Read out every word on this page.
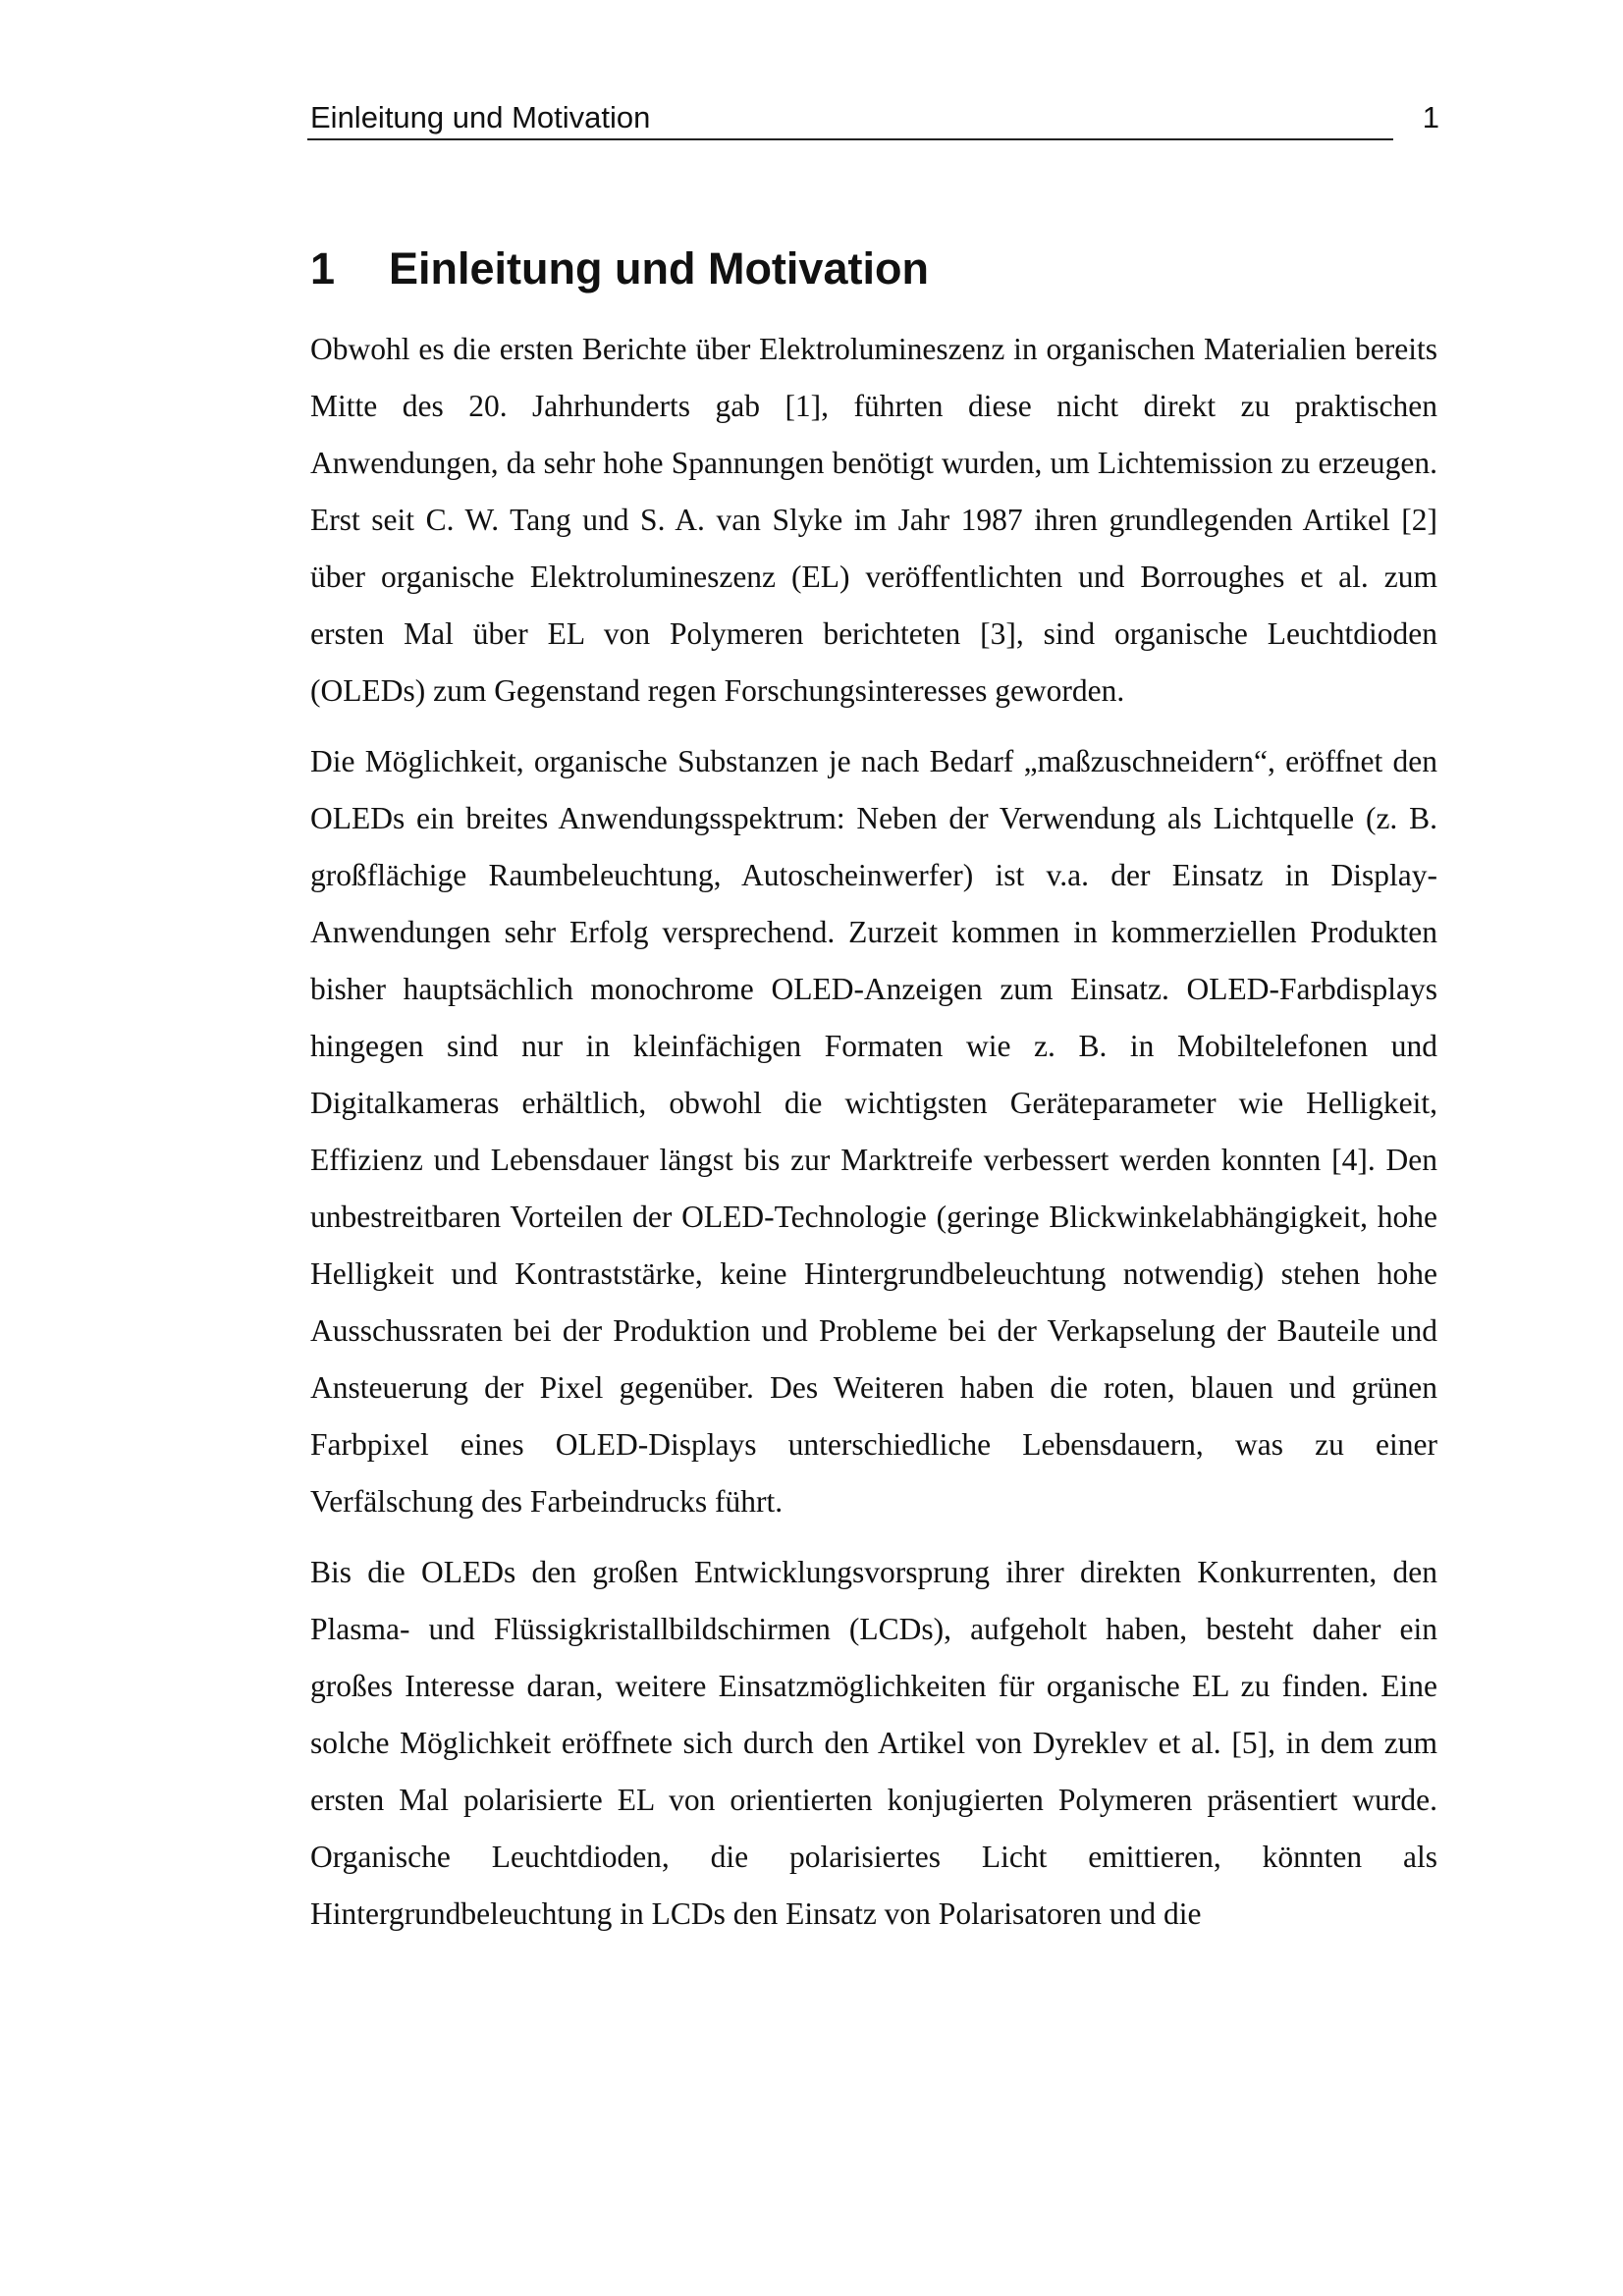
Einleitung und Motivation	1
1 Einleitung und Motivation

Obwohl es die ersten Berichte über Elektrolumineszenz in organischen Materialien bereits Mitte des 20. Jahrhunderts gab [1], führten diese nicht direkt zu praktischen Anwendungen, da sehr hohe Spannungen benötigt wurden, um Lichtemission zu erzeugen. Erst seit C. W. Tang und S. A. van Slyke im Jahr 1987 ihren grundlegenden Artikel [2] über organische Elektrolumineszenz (EL) veröffentlichten und Borroughes et al. zum ersten Mal über EL von Polymeren berichteten [3], sind organische Leuchtdioden (OLEDs) zum Gegenstand regen Forschungsinteresses geworden.

Die Möglichkeit, organische Substanzen je nach Bedarf „maßzuschneidern“, eröffnet den OLEDs ein breites Anwendungsspektrum: Neben der Verwendung als Lichtquelle (z. B. großflächige Raumbeleuchtung, Autoscheinwerfer) ist v.a. der Einsatz in Display-Anwendungen sehr Erfolg versprechend. Zurzeit kommen in kommerziellen Produkten bisher hauptsächlich monochrome OLED-Anzeigen zum Einsatz. OLED-Farbdisplays hingegen sind nur in kleinfächigen Formaten wie z. B. in Mobiltelefonen und Digitalkameras erhältlich, obwohl die wichtigsten Geräteparameter wie Helligkeit, Effizienz und Lebensdauer längst bis zur Marktreife verbessert werden konnten [4]. Den unbestreitbaren Vorteilen der OLED-Technologie (geringe Blickwinkelabhängigkeit, hohe Helligkeit und Kontraststärke, keine Hintergrundbeleuchtung notwendig) stehen hohe Ausschussraten bei der Produktion und Probleme bei der Verkapselung der Bauteile und Ansteuerung der Pixel gegenüber. Des Weiteren haben die roten, blauen und grünen Farbpixel eines OLED-Displays unterschiedliche Lebensdauern, was zu einer Verfälschung des Farbeindrucks führt.

Bis die OLEDs den großen Entwicklungsvorsprung ihrer direkten Konkurrenten, den Plasma- und Flüssigkristallbildschirmen (LCDs), aufgeholt haben, besteht daher ein großes Interesse daran, weitere Einsatzmöglichkeiten für organische EL zu finden. Eine solche Möglichkeit eröffnete sich durch den Artikel von Dyreklev et al. [5], in dem zum ersten Mal polarisierte EL von orientierten konjugierten Polymeren präsentiert wurde. Organische Leuchtdioden, die polarisiertes Licht emittieren, könnten als Hintergrundbeleuchtung in LCDs den Einsatz von Polarisatoren und die
